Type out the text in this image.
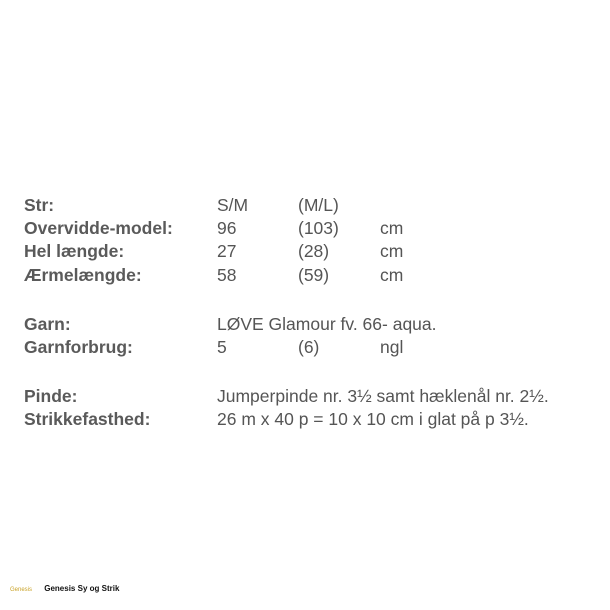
Str:	S/M	(M/L)
Overvidde-model:	96	(103) cm
Hel længde:	27	(28)	cm
Ærmelængde:	58	(59)	cm
Garn:	LØVE Glamour fv. 66- aqua.
Garnforbrug:	5	(6)	ngl
Pinde:	Jumperpinde nr. 3½ samt hæklenål nr. 2½.
Strikkefasthed:	26 m x 40 p = 10 x 10 cm i glat på p 3½.
Genesis Genesis Sy og Strik
